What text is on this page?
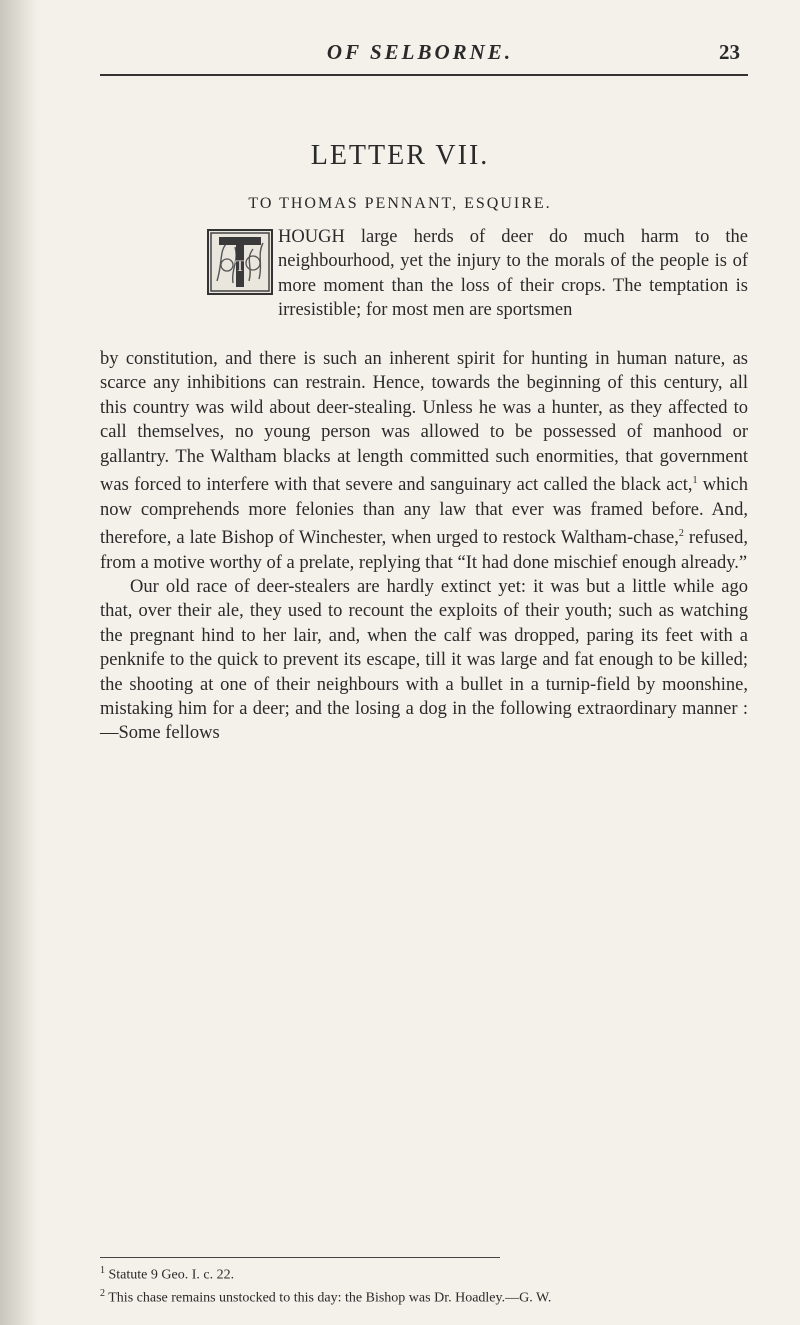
OF SELBORNE.	23
LETTER VII.
TO THOMAS PENNANT, ESQUIRE.
T

HOUGH large herds of deer do much harm to the neighbourhood, yet the injury to the morals of the people is of more moment than the loss of their crops. The temptation is irresistible; for most men are sportsmen

by constitution, and there is such an inherent spirit for hunting in human nature, as scarce any inhibitions can restrain. Hence, towards the beginning of this century, all this country was wild about deer-stealing. Unless he was a hunter, as they affected to call themselves, no young person was allowed to be possessed of manhood or gallantry. The Waltham blacks at length committed such enormities, that government was forced to interfere with that severe and sanguinary act called the black act,$^1$ which now comprehends more felonies than any law that ever was framed before. And, therefore, a late Bishop of Winchester, when urged to restock Waltham-chase,$^2$ refused, from a motive worthy of a prelate, replying that “It had done mischief enough already.”

Our old race of deer-stealers are hardly extinct yet: it was but a little while ago that, over their ale, they used to recount the exploits of their youth; such as watching the pregnant hind to her lair, and, when the calf was dropped, paring its feet with a penknife to the quick to prevent its escape, till it was large and fat enough to be killed; the shooting at one of their neighbours with a bullet in a turnip-field by moonshine, mistaking him for a deer; and the losing a dog in the following extraordinary manner :—Some fellows

$^1$ Statute 9 Geo. I. c. 22.

$^2$ This chase remains unstocked to this day: the Bishop was Dr. Hoadley.—G. W.
